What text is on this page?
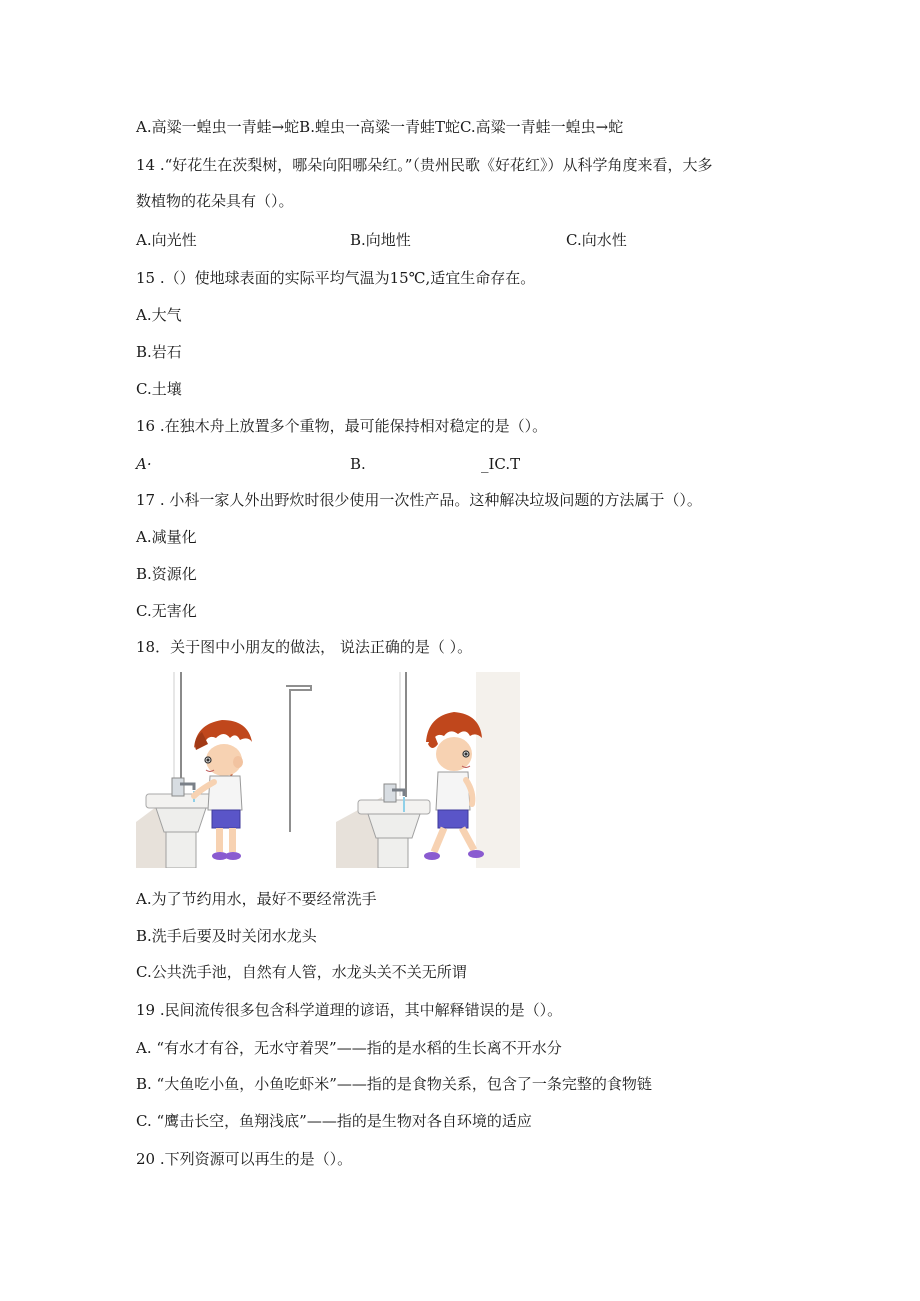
A.高粱一蝗虫一青蛙→蛇B.蝗虫一高粱一青蛙T蛇C.高粱一青蛙一蝗虫→蛇
14 .“好花生在茨梨树，哪朵向阳哪朵红。”（贵州民歌《好花红》）从科学角度来看，大多
数植物的花朵具有（）。
A.向光性	B.向地性	C.向水性
15 .（）使地球表面的实际平均气温为15℃,适宜生命存在。
A.大气
B.岩石
C.土壤
16 .在独木舟上放置多个重物，最可能保持相对稳定的是（）。
A·	B.	_IC.T
17 . 小科一家人外出野炊时很少使用一次性产品。这种解决垃圾问题的方法属于（）。
A.减量化
B.资源化
C.无害化
18．关于图中小朋友的做法， 说法正确的是（ ）。
A.为了节约用水，最好不要经常洗手
B.洗手后要及时关闭水龙头
C.公共洗手池，自然有人管，水龙头关不关无所谓
19 .民间流传很多包含科学道理的谚语，其中解释错误的是（）。
A. “有水才有谷，无水守着哭”——指的是水稻的生长离不开水分
B. “大鱼吃小鱼，小鱼吃虾米”——指的是食物关系，包含了一条完整的食物链
C. “鹰击长空，鱼翔浅底”——指的是生物对各自环境的适应
20 .下列资源可以再生的是（）。
